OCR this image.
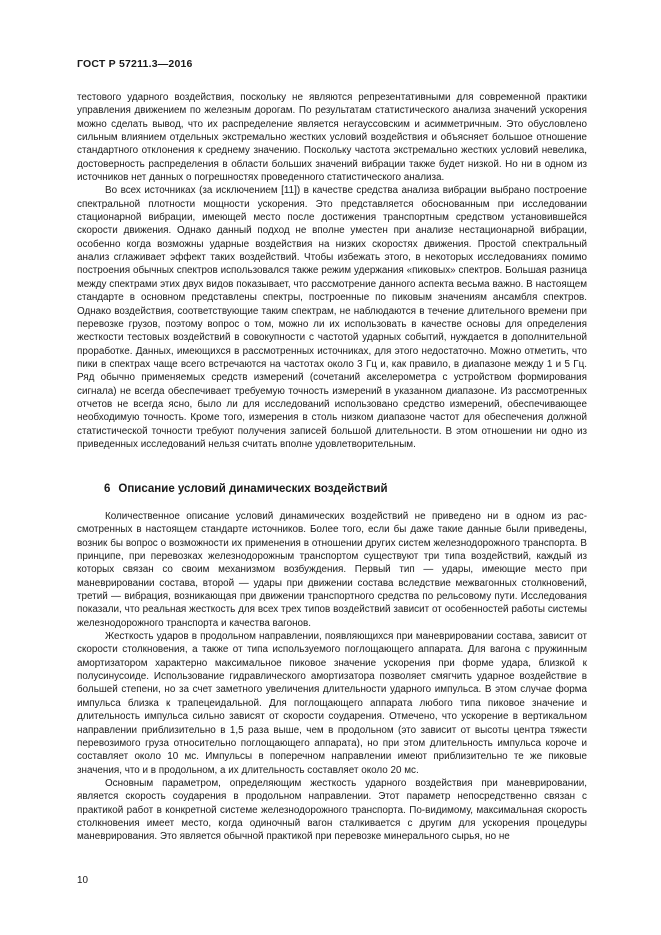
ГОСТ Р 57211.3—2016

тестового ударного воздействия, поскольку не являются репрезентативными для современной практики управления движением по железным дорогам. По результатам статистического анализа значений ускорения можно сделать вывод, что их распределение является негауссовским и асимметричным. Это обусловлено сильным влиянием отдельных экстремально жестких условий воздействия и объясняет большое отношение стандартного отклонения к среднему значению. Поскольку частота экстремально жестких условий невелика, достоверность распределения в области больших значений вибрации также будет низкой. Но ни в одном из источников нет данных о погрешностях проведенного статистического анализа.

Во всех источниках (за исключением [11]) в качестве средства анализа вибрации выбрано построение спектральной плотности мощности ускорения. Это представляется обоснованным при исследовании стационарной вибрации, имеющей место после достижения транспортным средством установившейся скорости движения. Однако данный подход не вполне уместен при анализе нестационарной вибрации, особенно когда возможны ударные воздействия на низких скоростях движения. Простой спектральный анализ сглаживает эффект таких воздействий. Чтобы избежать этого, в некоторых исследованиях помимо построения обычных спектров использовался также режим удержания «пиковых» спектров. Большая разница между спектрами этих двух видов показывает, что рассмотрение данного аспекта весьма важно. В настоящем стандарте в основном представлены спектры, построенные по пиковым значениям ансамбля спектров. Однако воздействия, соответствующие таким спектрам, не наблюдаются в течение длительного времени при перевозке грузов, поэтому вопрос о том, можно ли их использовать в качестве основы для определения жесткости тестовых воздействий в совокупности с частотой ударных событий, нуждается в дополнительной проработке. Данных, имеющихся в рассмотренных источниках, для этого недостаточно. Можно отметить, что пики в спектрах чаще всего встречаются на частотах около 3 Гц и, как правило, в диапазоне между 1 и 5 Гц. Ряд обычно применяемых средств измерений (сочетаний акселерометра с устройством формирования сигнала) не всегда обеспечивает требуемую точность измерений в указанном диапазоне. Из рассмотренных отчетов не всегда ясно, было ли для исследований использовано средство измерений, обеспечивающее необходимую точность. Кроме того, измерения в столь низком диапазоне частот для обеспечения должной статистической точности требуют получения записей большой длительности. В этом отношении ни одно из приведенных исследований нельзя считать вполне удовлетворительным.

6 Описание условий динамических воздействий

Количественное описание условий динамических воздействий не приведено ни в одном из рассмотренных в настоящем стандарте источников. Более того, если бы даже такие данные были приведены, возник бы вопрос о возможности их применения в отношении других систем железнодорожного транспорта. В принципе, при перевозках железнодорожным транспортом существуют три типа воздействий, каждый из которых связан со своим механизмом возбуждения. Первый тип — удары, имеющие место при маневрировании состава, второй — удары при движении состава вследствие межвагонных столкновений, третий — вибрация, возникающая при движении транспортного средства по рельсовому пути. Исследования показали, что реальная жесткость для всех трех типов воздействий зависит от особенностей работы системы железнодорожного транспорта и качества вагонов.

Жесткость ударов в продольном направлении, появляющихся при маневрировании состава, зависит от скорости столкновения, а также от типа используемого поглощающего аппарата. Для вагона с пружинным амортизатором характерно максимальное пиковое значение ускорения при форме удара, близкой к полусинусоиде. Использование гидравлического амортизатора позволяет смягчить ударное воздействие в большей степени, но за счет заметного увеличения длительности ударного импульса. В этом случае форма импульса близка к трапецеидальной. Для поглощающего аппарата любого типа пиковое значение и длительность импульса сильно зависят от скорости соударения. Отмечено, что ускорение в вертикальном направлении приблизительно в 1,5 раза выше, чем в продольном (это зависит от высоты центра тяжести перевозимого груза относительно поглощающего аппарата), но при этом длительность импульса короче и составляет около 10 мс. Импульсы в поперечном направлении имеют приблизительно те же пиковые значения, что и в продольном, а их длительность составляет около 20 мс.

Основным параметром, определяющим жесткость ударного воздействия при маневрировании, является скорость соударения в продольном направлении. Этот параметр непосредственно связан с практикой работ в конкретной системе железнодорожного транспорта. По-видимому, максимальная скорость столкновения имеет место, когда одиночный вагон сталкивается с другим для ускорения процедуры маневрирования. Это является обычной практикой при перевозке минерального сырья, но не

10
